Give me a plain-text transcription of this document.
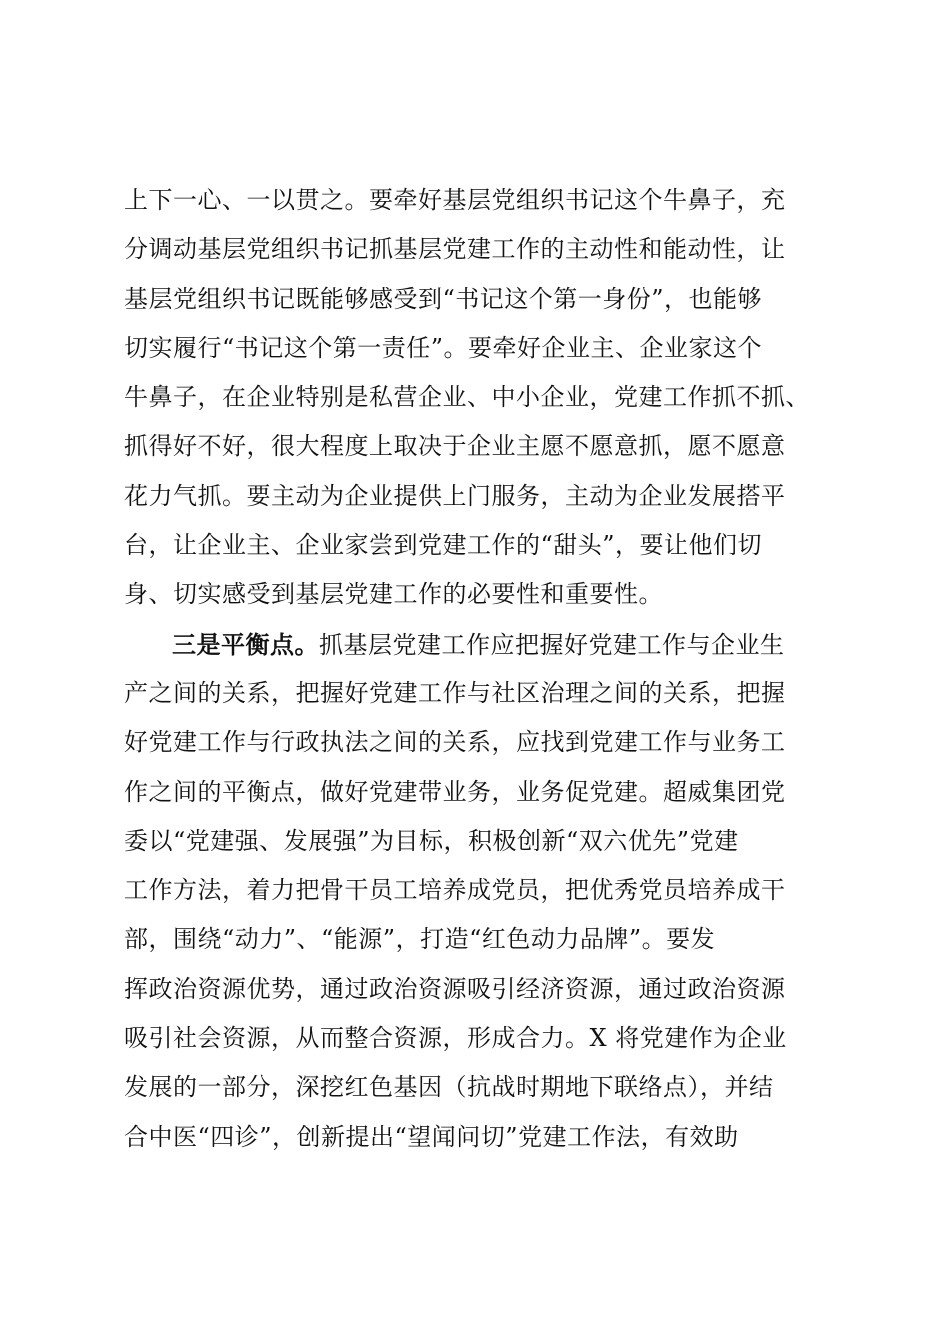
上下一心、一以贯之。要牵好基层党组织书记这个牛鼻子，充
分调动基层党组织书记抓基层党建工作的主动性和能动性，让
基层党组织书记既能够感受到“书记这个第一身份”，也能够
切实履行“书记这个第一责任”。要牵好企业主、企业家这个
牛鼻子，在企业特别是私营企业、中小企业，党建工作抓不抓、
抓得好不好，很大程度上取决于企业主愿不愿意抓，愿不愿意
花力气抓。要主动为企业提供上门服务，主动为企业发展搭平
台，让企业主、企业家尝到党建工作的“甜头”，要让他们切
身、切实感受到基层党建工作的必要性和重要性。
三是平衡点。抓基层党建工作应把握好党建工作与企业生
产之间的关系，把握好党建工作与社区治理之间的关系，把握
好党建工作与行政执法之间的关系，应找到党建工作与业务工
作之间的平衡点，做好党建带业务，业务促党建。超威集团党
委以“党建强、发展强”为目标，积极创新“双六优先”党建
工作方法，着力把骨干员工培养成党员，把优秀党员培养成干
部，围绕“动力”、“能源”，打造“红色动力品牌”。要发
挥政治资源优势，通过政治资源吸引经济资源，通过政治资源
吸引社会资源，从而整合资源，形成合力。X 将党建作为企业
发展的一部分，深挖红色基因（抗战时期地下联络点），并结
合中医“四诊”，创新提出“望闻问切”党建工作法，有效助
